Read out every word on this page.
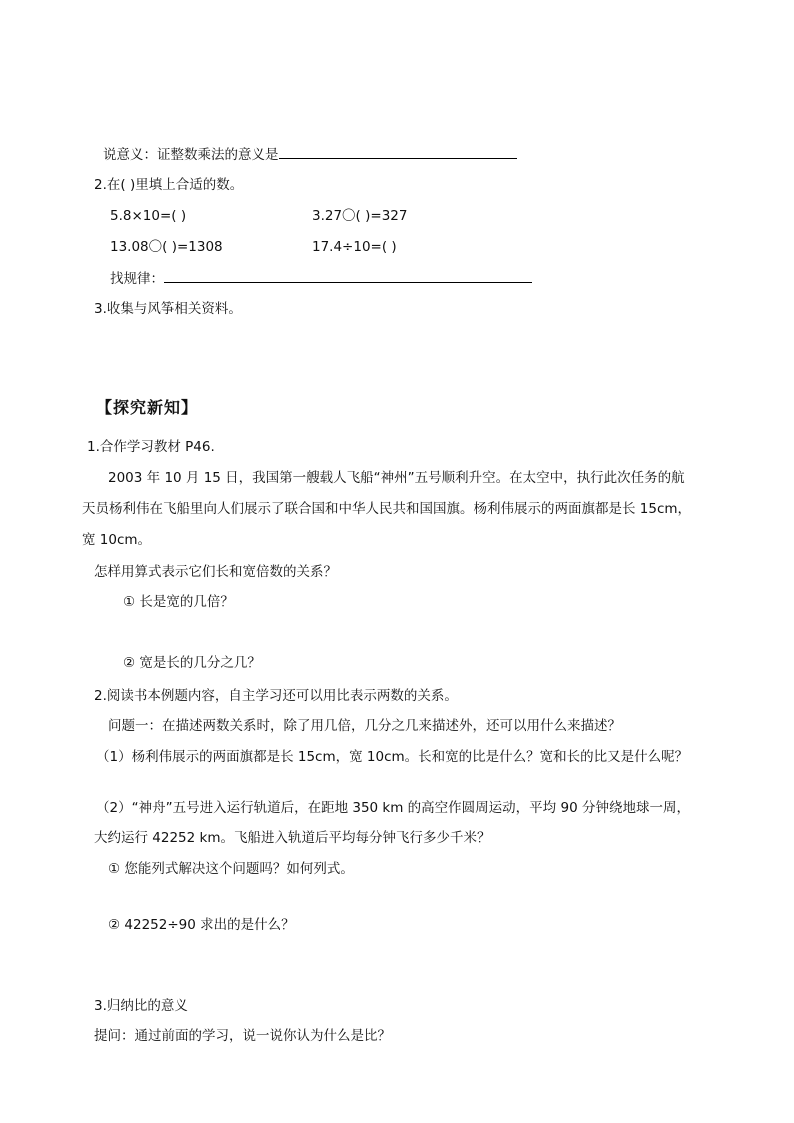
说意义：证整数乘法的意义是
2.在( )里填上合适的数。
5.8×10=( )	3.27〇( )=327
13.08〇( )=1308	17.4÷10=( )
找规律：
3.收集与风筝相关资料。
【探究新知】
1.合作学习教材 P46.
2003 年 10 月 15 日，我国第一艘载人飞船“神州”五号顺利升空。在太空中，执行此次任务的航
天员杨利伟在飞船里向人们展示了联合国和中华人民共和国国旗。杨利伟展示的两面旗都是长 15cm，
宽 10cm。
怎样用算式表示它们长和宽倍数的关系？
① 长是宽的几倍？
② 宽是长的几分之几？
2.阅读书本例题内容，自主学习还可以用比表示两数的关系。
问题一：在描述两数关系时，除了用几倍，几分之几来描述外，还可以用什么来描述？
（1）杨利伟展示的两面旗都是长 15cm，宽 10cm。长和宽的比是什么？宽和长的比又是什么呢？
（2）“神舟”五号进入运行轨道后，在距地 350 km 的高空作圆周运动，平均 90 分钟绕地球一周，
大约运行 42252 km。飞船进入轨道后平均每分钟飞行多少千米？
① 您能列式解决这个问题吗？如何列式。
② 42252÷90 求出的是什么？
3.归纳比的意义
提问：通过前面的学习，说一说你认为什么是比？
